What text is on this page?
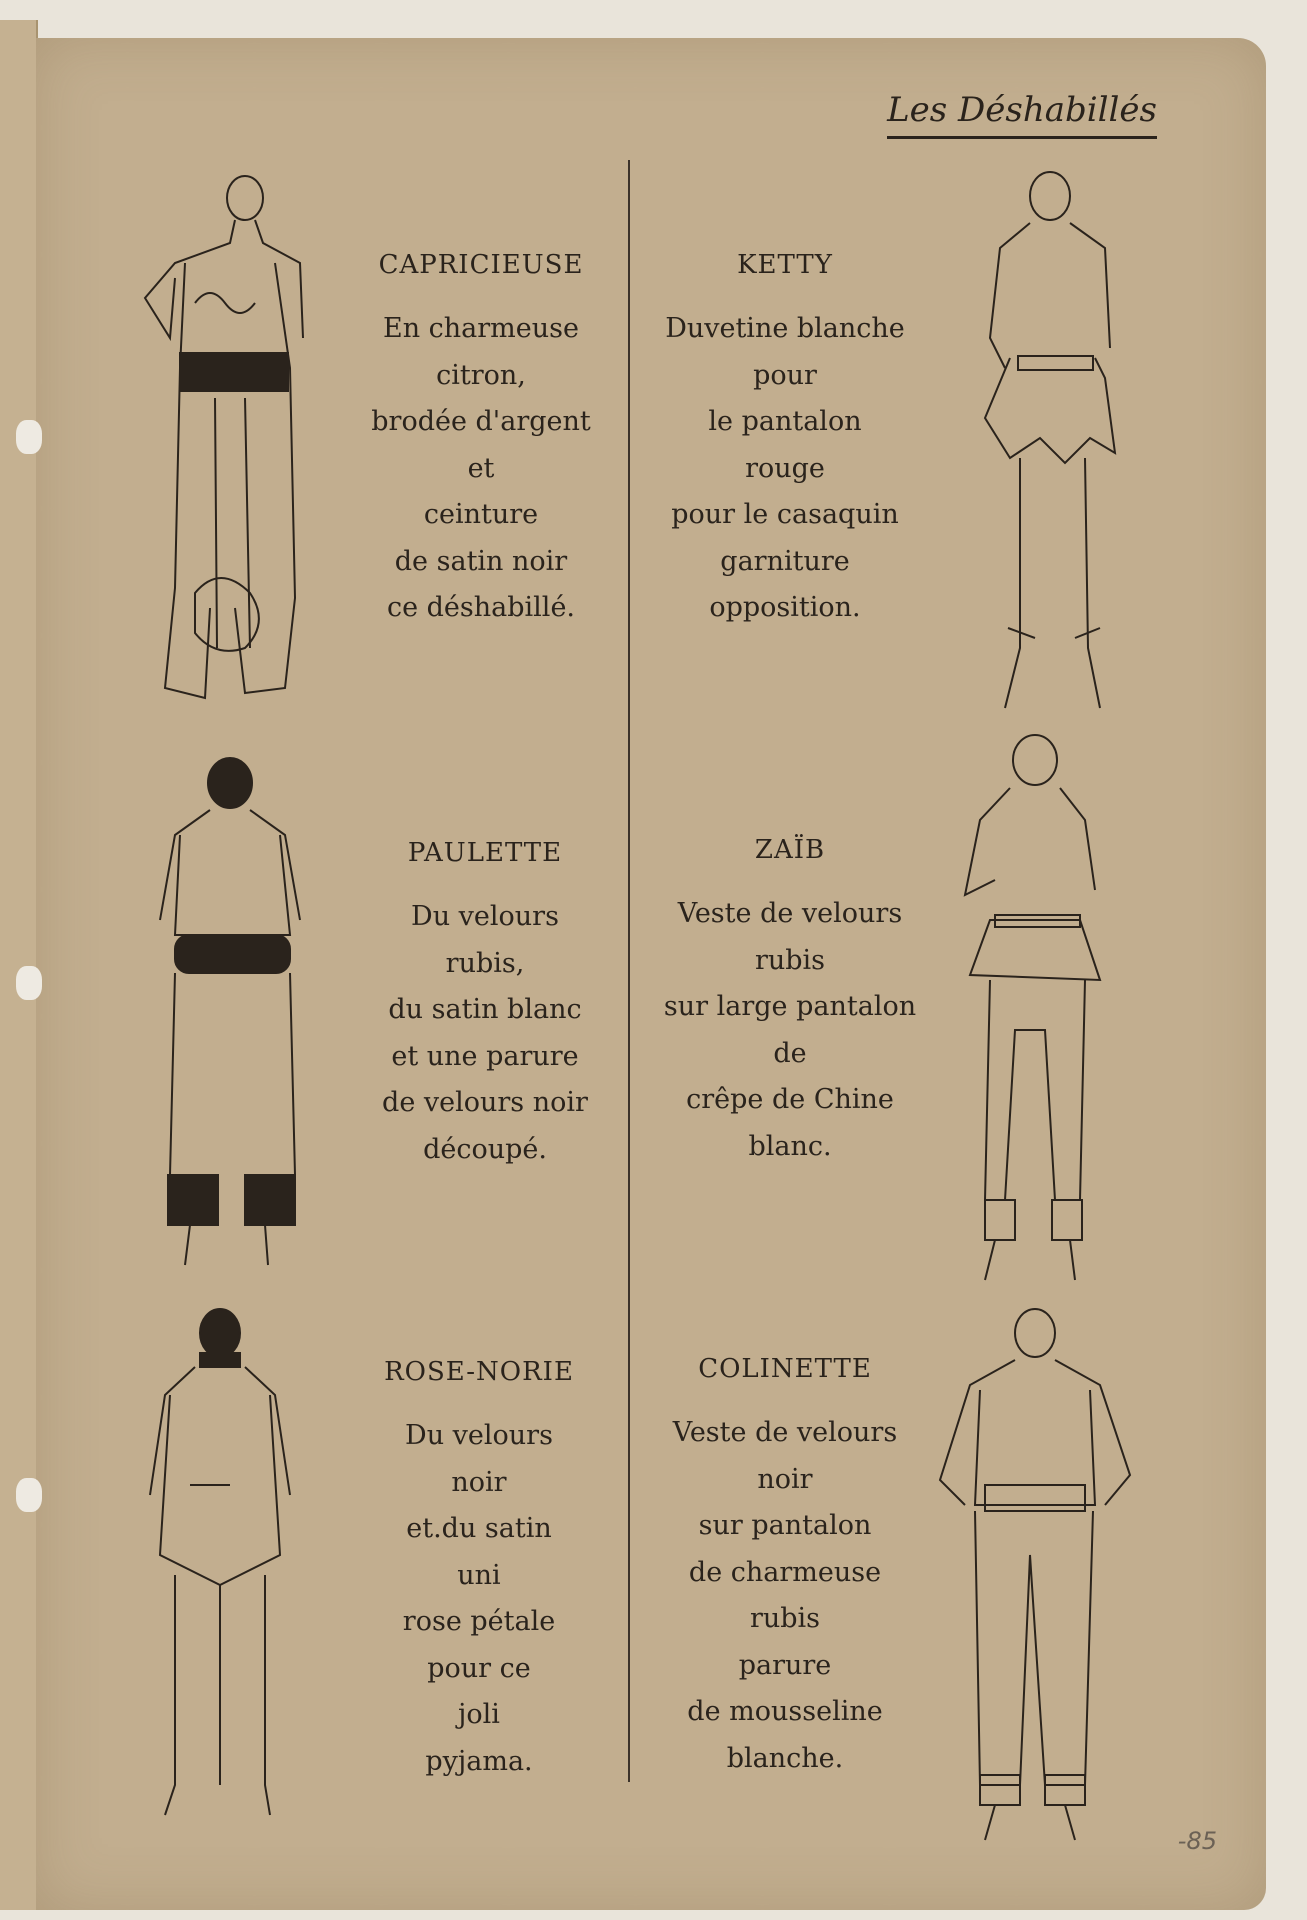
Les Déshabillés
CAPRICIEUSE
En charmeuse
citron,
brodée d'argent
et
ceinture
de satin noir
ce déshabillé.
KETTY
Duvetine blanche
pour
le pantalon
rouge
pour le casaquin
garniture
opposition.
PAULETTE
Du velours
rubis,
du satin blanc
et une parure
de velours noir
découpé.
ZAÏB
Veste de velours
rubis
sur large pantalon
de
crêpe de Chine
blanc.
ROSE-NORIE
Du velours
noir
et.du satin
uni
rose pétale
pour ce
joli
pyjama.
COLINETTE
Veste de velours
noir
sur pantalon
de charmeuse
rubis
parure
de mousseline
blanche.
-85
